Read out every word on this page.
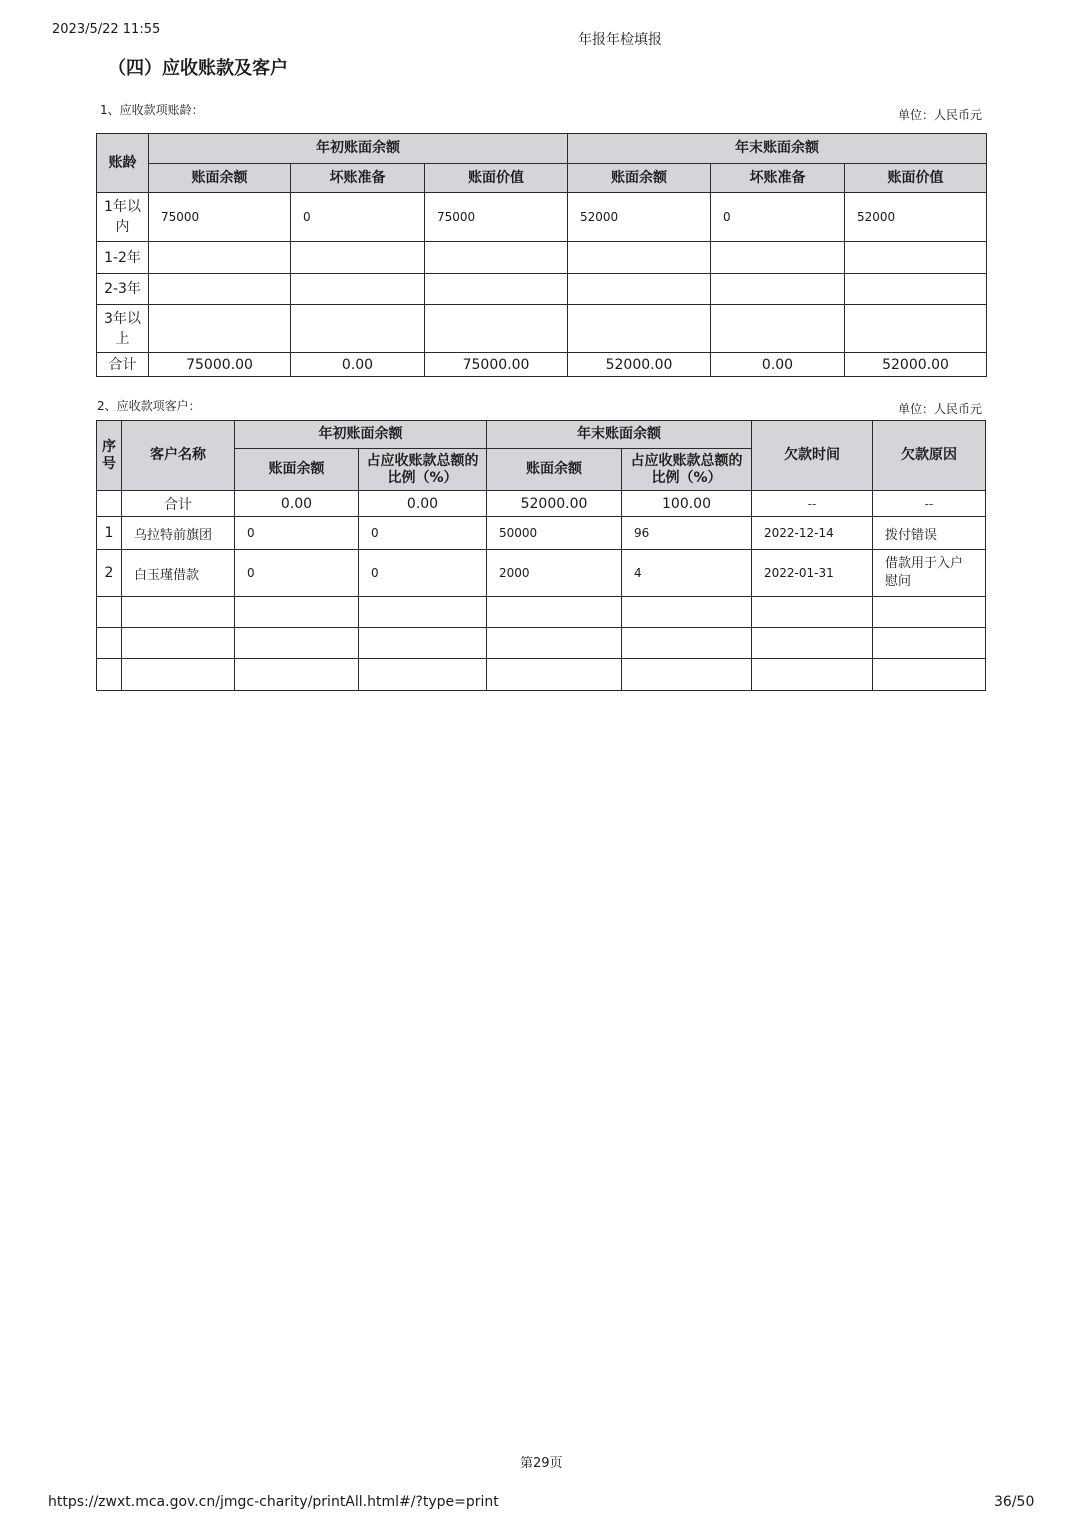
2023/5/22 11:55
年报年检填报
（四）应收账款及客户
1、应收款项账龄：	单位：人民币元
账龄	年初账面余额			年末账面余额		
	账面余额	坏账准备	账面价值	账面余额	坏账准备	账面价值
1年以内	75000	0	75000	52000	0	52000
1-2年						
2-3年						
3年以上						
合计	75000.00	0.00	75000.00	52000.00	0.00	52000.00
2、应收款项客户：	单位：人民币元
序号	客户名称	年初账面余额		年末账面余额		欠款时间	欠款原因
		账面余额	占应收账款总额的比例（%）	账面余额	占应收账款总额的比例（%）		
	合计	0.00	0.00	52000.00	100.00	--	--
1	乌拉特前旗团	0	0	50000	96	2022-12-14	拨付错误
2	白玉瑾借款	0	0	2000	4	2022-01-31	借款用于入户慰问

第29页
https://zwxt.mca.gov.cn/jmgc-charity/printAll.html#/?type=print	36/50
